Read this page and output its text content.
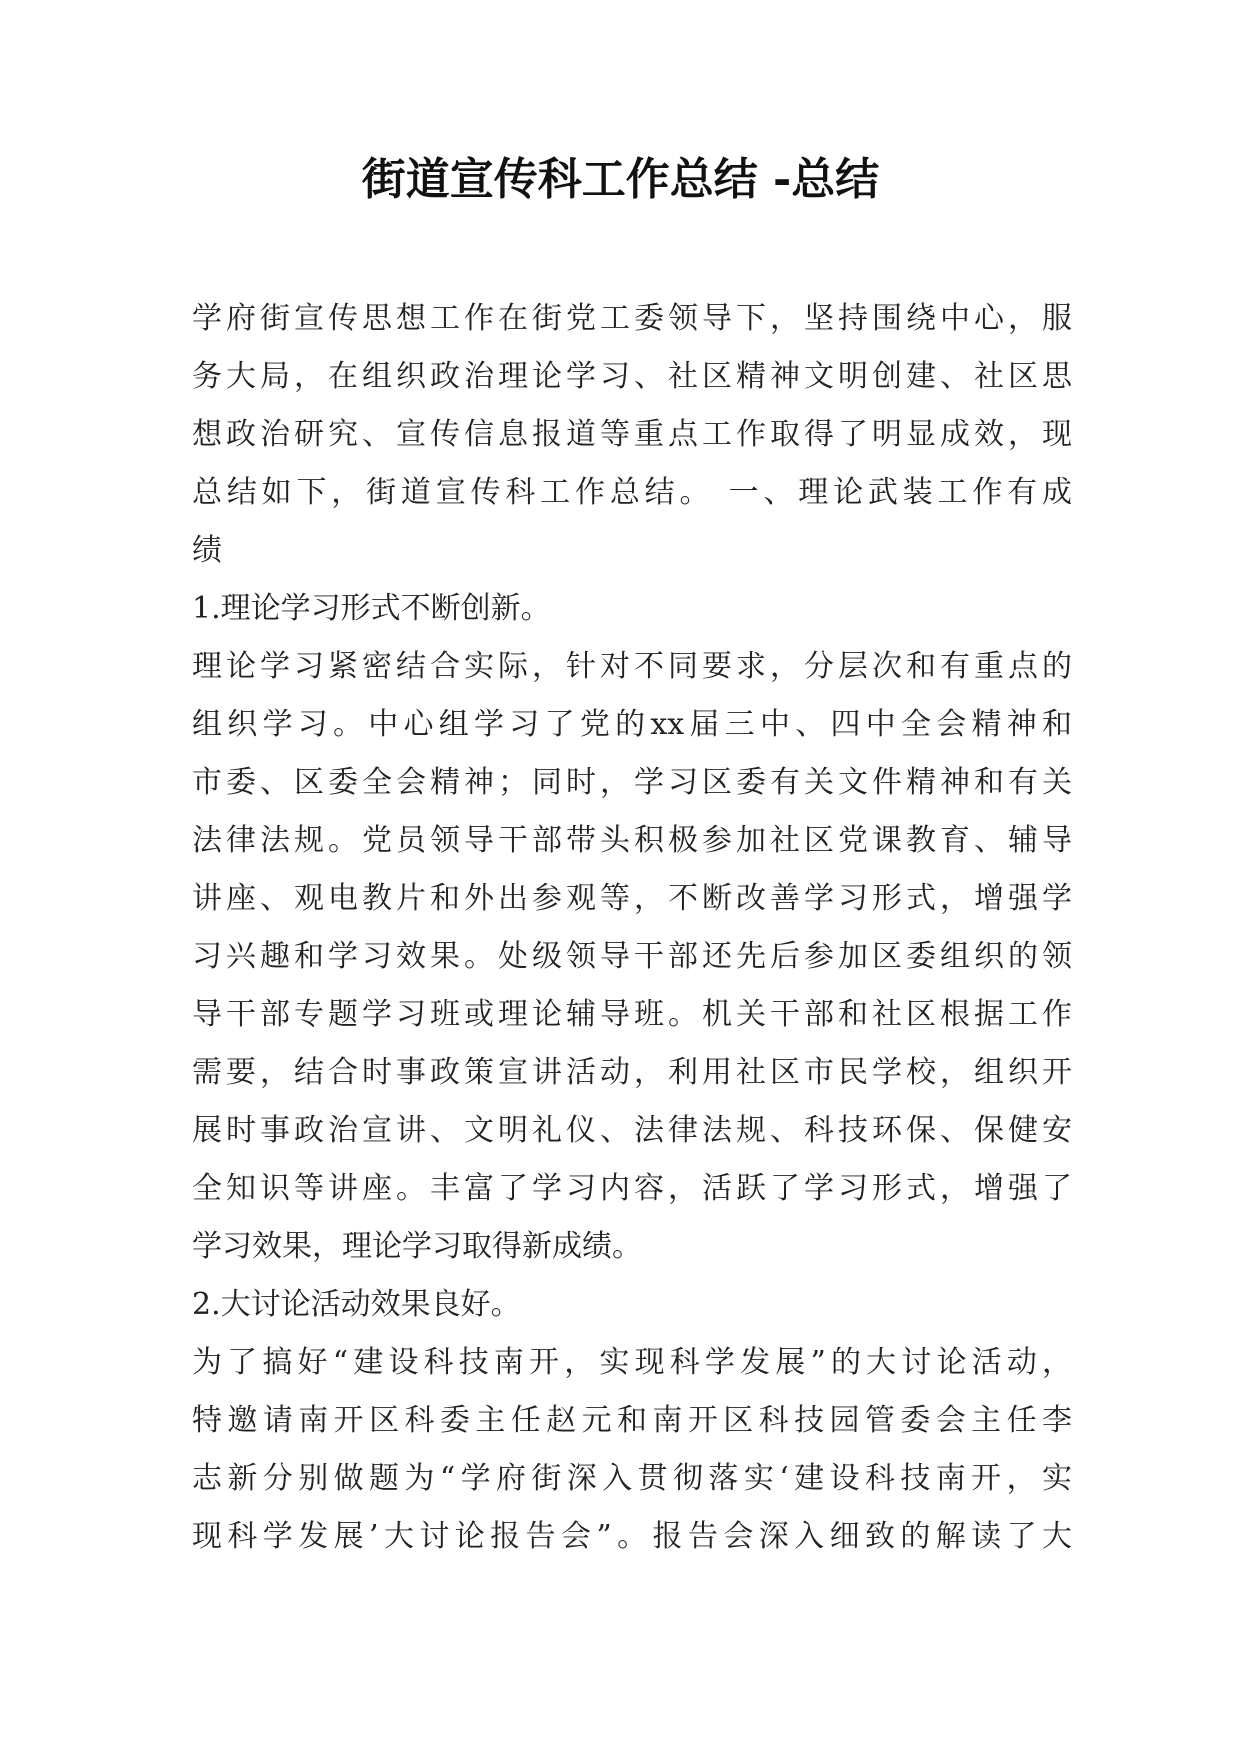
街道宣传科工作总结 -总结
学府街宣传思想工作在街党工委领导下，坚持围绕中心，服
务大局，在组织政治理论学习、社区精神文明创建、社区思
想政治研究、宣传信息报道等重点工作取得了明显成效，现
总结如下，街道宣传科工作总结。 一、理论武装工作有成
绩
1.理论学习形式不断创新。
理论学习紧密结合实际，针对不同要求，分层次和有重点的
组织学习。中心组学习了党的xx届三中、四中全会精神和
市委、区委全会精神；同时，学习区委有关文件精神和有关
法律法规。党员领导干部带头积极参加社区党课教育、辅导
讲座、观电教片和外出参观等，不断改善学习形式，增强学
习兴趣和学习效果。处级领导干部还先后参加区委组织的领
导干部专题学习班或理论辅导班。机关干部和社区根据工作
需要，结合时事政策宣讲活动，利用社区市民学校，组织开
展时事政治宣讲、文明礼仪、法律法规、科技环保、保健安
全知识等讲座。丰富了学习内容，活跃了学习形式，增强了
学习效果，理论学习取得新成绩。
2.大讨论活动效果良好。
为了搞好“建设科技南开，实现科学发展”的大讨论活动，
特邀请南开区科委主任赵元和南开区科技园管委会主任李
志新分别做题为“学府街深入贯彻落实‘建设科技南开，实
现科学发展’大讨论报告会”。报告会深入细致的解读了大
